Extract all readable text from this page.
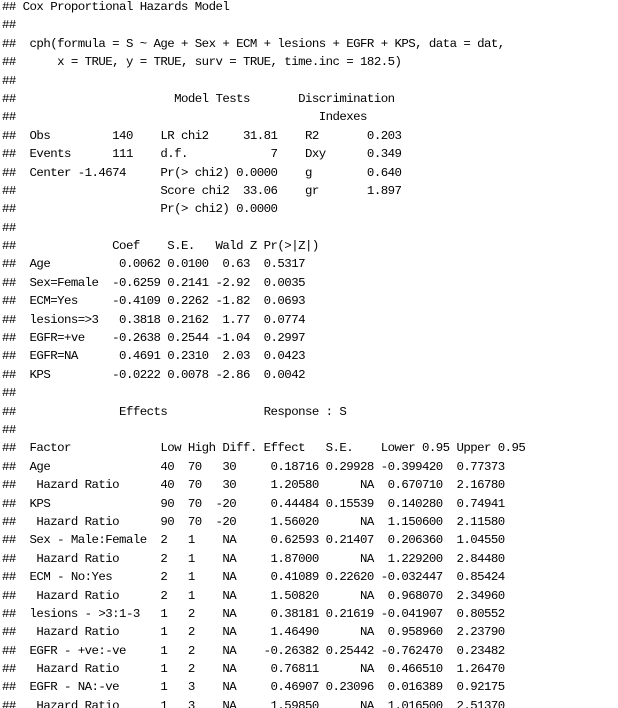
## Cox Proportional Hazards Model
##
##  cph(formula = S ~ Age + Sex + ECM + lesions + EGFR + KPS, data = dat,
##      x = TRUE, y = TRUE, surv = TRUE, time.inc = 182.5)
##
##                       Model Tests       Discrimination
##                                            Indexes
##  Obs         140    LR chi2     31.81    R2       0.203
##  Events      111    d.f.            7    Dxy      0.349
##  Center -1.4674     Pr(> chi2) 0.0000    g        0.640
##                     Score chi2  33.06    gr       1.897
##                     Pr(> chi2) 0.0000
##
##              Coef    S.E.   Wald Z Pr(>|Z|)
##  Age          0.0062 0.0100  0.63  0.5317
##  Sex=Female  -0.6259 0.2141 -2.92  0.0035
##  ECM=Yes     -0.4109 0.2262 -1.82  0.0693
##  lesions=>3   0.3818 0.2162  1.77  0.0774
##  EGFR=+ve    -0.2638 0.2544 -1.04  0.2997
##  EGFR=NA      0.4691 0.2310  2.03  0.0423
##  KPS         -0.0222 0.0078 -2.86  0.0042
##
##               Effects              Response : S
##
##  Factor             Low High Diff. Effect   S.E.    Lower 0.95 Upper 0.95
##  Age                40  70   30     0.18716 0.29928 -0.399420  0.77373
##   Hazard Ratio      40  70   30     1.20580      NA  0.670710  2.16780
##  KPS                90  70  -20     0.44484 0.15539  0.140280  0.74941
##   Hazard Ratio      90  70  -20     1.56020      NA  1.150600  2.11580
##  Sex - Male:Female  2   1    NA     0.62593 0.21407  0.206360  1.04550
##   Hazard Ratio      2   1    NA     1.87000      NA  1.229200  2.84480
##  ECM - No:Yes       2   1    NA     0.41089 0.22620 -0.032447  0.85424
##   Hazard Ratio      2   1    NA     1.50820      NA  0.968070  2.34960
##  lesions - >3:1-3   1   2    NA     0.38181 0.21619 -0.041907  0.80552
##   Hazard Ratio      1   2    NA     1.46490      NA  0.958960  2.23790
##  EGFR - +ve:-ve     1   2    NA    -0.26382 0.25442 -0.762470  0.23482
##   Hazard Ratio      1   2    NA     0.76811      NA  0.466510  1.26470
##  EGFR - NA:-ve      1   3    NA     0.46907 0.23096  0.016389  0.92175
##   Hazard Ratio      1   3    NA     1.59850      NA  1.016500  2.51370
